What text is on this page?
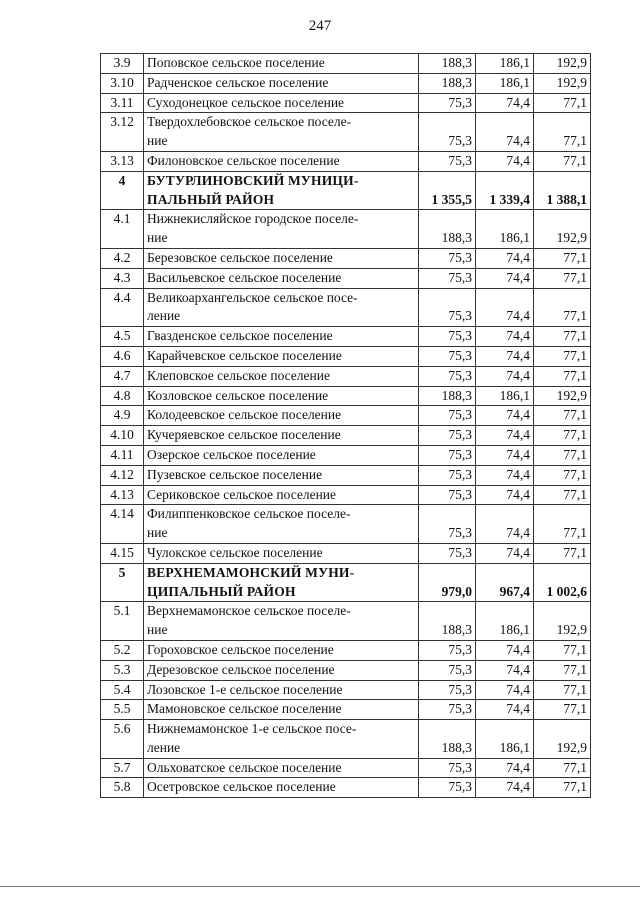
247
3.9	Поповское сельское поселение	188,3	186,1	192,9
3.10	Радченское сельское поселение	188,3	186,1	192,9
3.11	Суходонецкое сельское поселение	75,3	74,4	77,1
3.12	Твердохлебовское сельское поселе-
ние	75,3	74,4	77,1
3.13	Филоновское сельское поселение	75,3	74,4	77,1
4	БУТУРЛИНОВСКИЙ МУНИЦИ-
ПАЛЬНЫЙ РАЙОН	1 355,5	1 339,4	1 388,1
4.1	Нижнекисляйское городское поселе-
ние	188,3	186,1	192,9
4.2	Березовское сельское поселение	75,3	74,4	77,1
4.3	Васильевское сельское поселение	75,3	74,4	77,1
4.4	Великоархангельское сельское посе-
ление	75,3	74,4	77,1
4.5	Гвазденское сельское поселение	75,3	74,4	77,1
4.6	Карайчевское сельское поселение	75,3	74,4	77,1
4.7	Клеповское сельское поселение	75,3	74,4	77,1
4.8	Козловское сельское поселение	188,3	186,1	192,9
4.9	Колодеевское сельское поселение	75,3	74,4	77,1
4.10	Кучеряевское сельское поселение	75,3	74,4	77,1
4.11	Озерское сельское поселение	75,3	74,4	77,1
4.12	Пузевское сельское поселение	75,3	74,4	77,1
4.13	Сериковское сельское поселение	75,3	74,4	77,1
4.14	Филиппенковское сельское поселе-
ние	75,3	74,4	77,1
4.15	Чулокское сельское поселение	75,3	74,4	77,1
5	ВЕРХНЕМАМОНСКИЙ МУНИ-
ЦИПАЛЬНЫЙ РАЙОН	979,0	967,4	1 002,6
5.1	Верхнемамонское сельское поселе-
ние	188,3	186,1	192,9
5.2	Гороховское сельское поселение	75,3	74,4	77,1
5.3	Дерезовское сельское поселение	75,3	74,4	77,1
5.4	Лозовское 1-е сельское поселение	75,3	74,4	77,1
5.5	Мамоновское сельское поселение	75,3	74,4	77,1
5.6	Нижнемамонское 1-е сельское посе-
ление	188,3	186,1	192,9
5.7	Ольховатское сельское поселение	75,3	74,4	77,1
5.8	Осетровское сельское поселение	75,3	74,4	77,1
